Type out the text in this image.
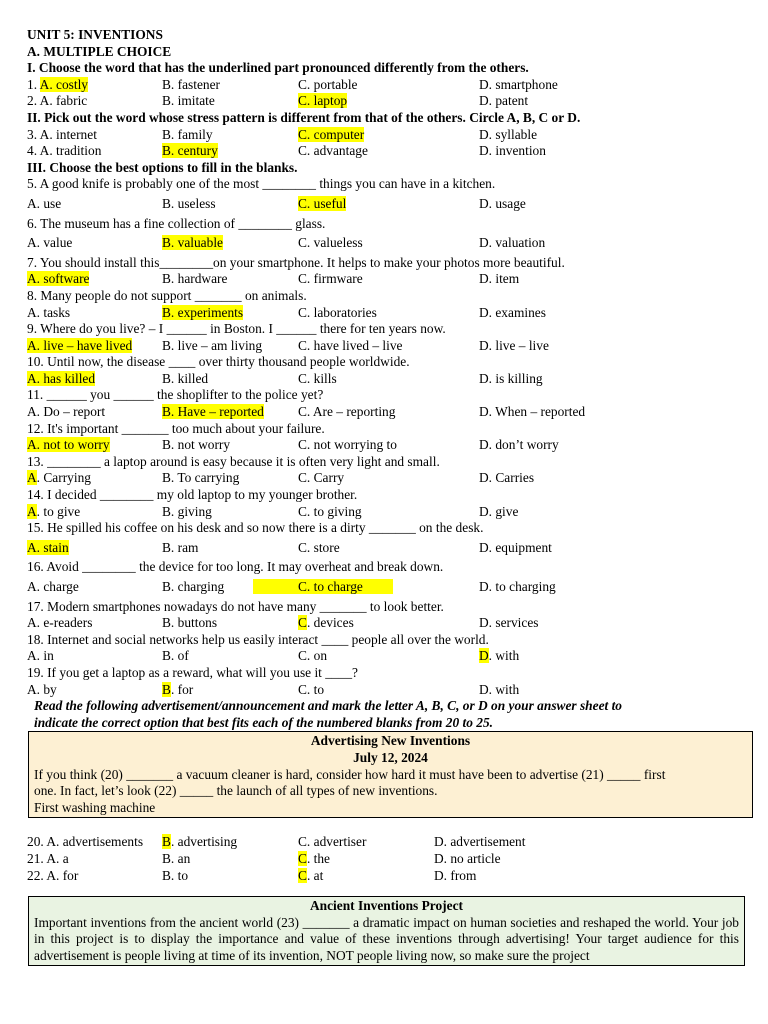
UNIT 5: INVENTIONS
A. MULTIPLE CHOICE
I. Choose the word that has the underlined part pronounced differently from the others.
1. A. costly	B. fastener	C. portable	D. smartphone
2. A. fabric	B. imitate	C. laptop	D. patent
II. Pick out the word whose stress pattern is different from that of the others. Circle A, B, C or D.
3. A. internet	B. family	C. computer	D. syllable
4. A. tradition	B. century	C. advantage	D. invention
III. Choose the best options to fill in the blanks.
5. A good knife is probably one of the most ________ things you can have in a kitchen.
A. use	B. useless	C. useful	D. usage
6. The museum has a fine collection of ________ glass.
A. value	B. valuable	C. valueless	D. valuation
7. You should install this________on your smartphone. It helps to make your photos more beautiful.
A. software	B. hardware	C. firmware	D. item
8. Many people do not support _______ on animals.
A. tasks	B. experiments	C. laboratories	D. examines
9. Where do you live? – I ______ in Boston. I ______ there for ten years now.
A. live – have lived	B. live – am living	C. have lived – live	D. live – live
10. Until now, the disease ____ over thirty thousand people worldwide.
A. has killed	B. killed	C. kills	D. is killing
11. ______ you ______ the shoplifter to the police yet?
A. Do – report	B. Have – reported	C. Are – reporting	D. When – reported
12. It's important _______ too much about your failure.
A. not to worry	B. not worry	C. not worrying to	D. don’t worry
13. ________ a laptop around is easy because it is often very light and small.
A. Carrying	B. To carrying	C. Carry	D. Carries
14. I decided ________ my old laptop to my younger brother.
A. to give	B. giving	C. to giving	D. give
15. He spilled his coffee on his desk and so now there is a dirty _______ on the desk.
A. stain	B. ram	C. store	D. equipment
16. Avoid ________ the device for too long. It may overheat and break down.
A. charge	B. charging	C. to charge	D. to charging
17. Modern smartphones nowadays do not have many _______ to look better.
A. e-readers	B. buttons	C. devices	D. services
18. Internet and social networks help us easily interact ____ people all over the world.
A. in	B. of	C. on	D. with
19. If you get a laptop as a reward, what will you use it ____?
A. by	B. for	C. to	D. with
Read the following advertisement/announcement and mark the letter A, B, C, or D on your answer sheet to
indicate the correct option that best fits each of the numbered blanks from 20 to 25.
Advertising New Inventions
July 12, 2024
If you think (20) _______ a vacuum cleaner is hard, consider how hard it must have been to advertise (21) _____ first
one. In fact, let’s look (22) _____ the launch of all types of new inventions.
First washing machine
20. A. advertisements	B. advertising	C. advertiser	D. advertisement
21. A. a	B. an	C. the	D. no article
22. A. for	B. to	C. at	D. from
Ancient Inventions Project
Important inventions from the ancient world (23) _______ a dramatic impact on human societies and reshaped the world. Your job in this project is to display the importance and value of these inventions through advertising! Your target audience for this advertisement is people living at time of its invention, NOT people living now, so make sure the project
